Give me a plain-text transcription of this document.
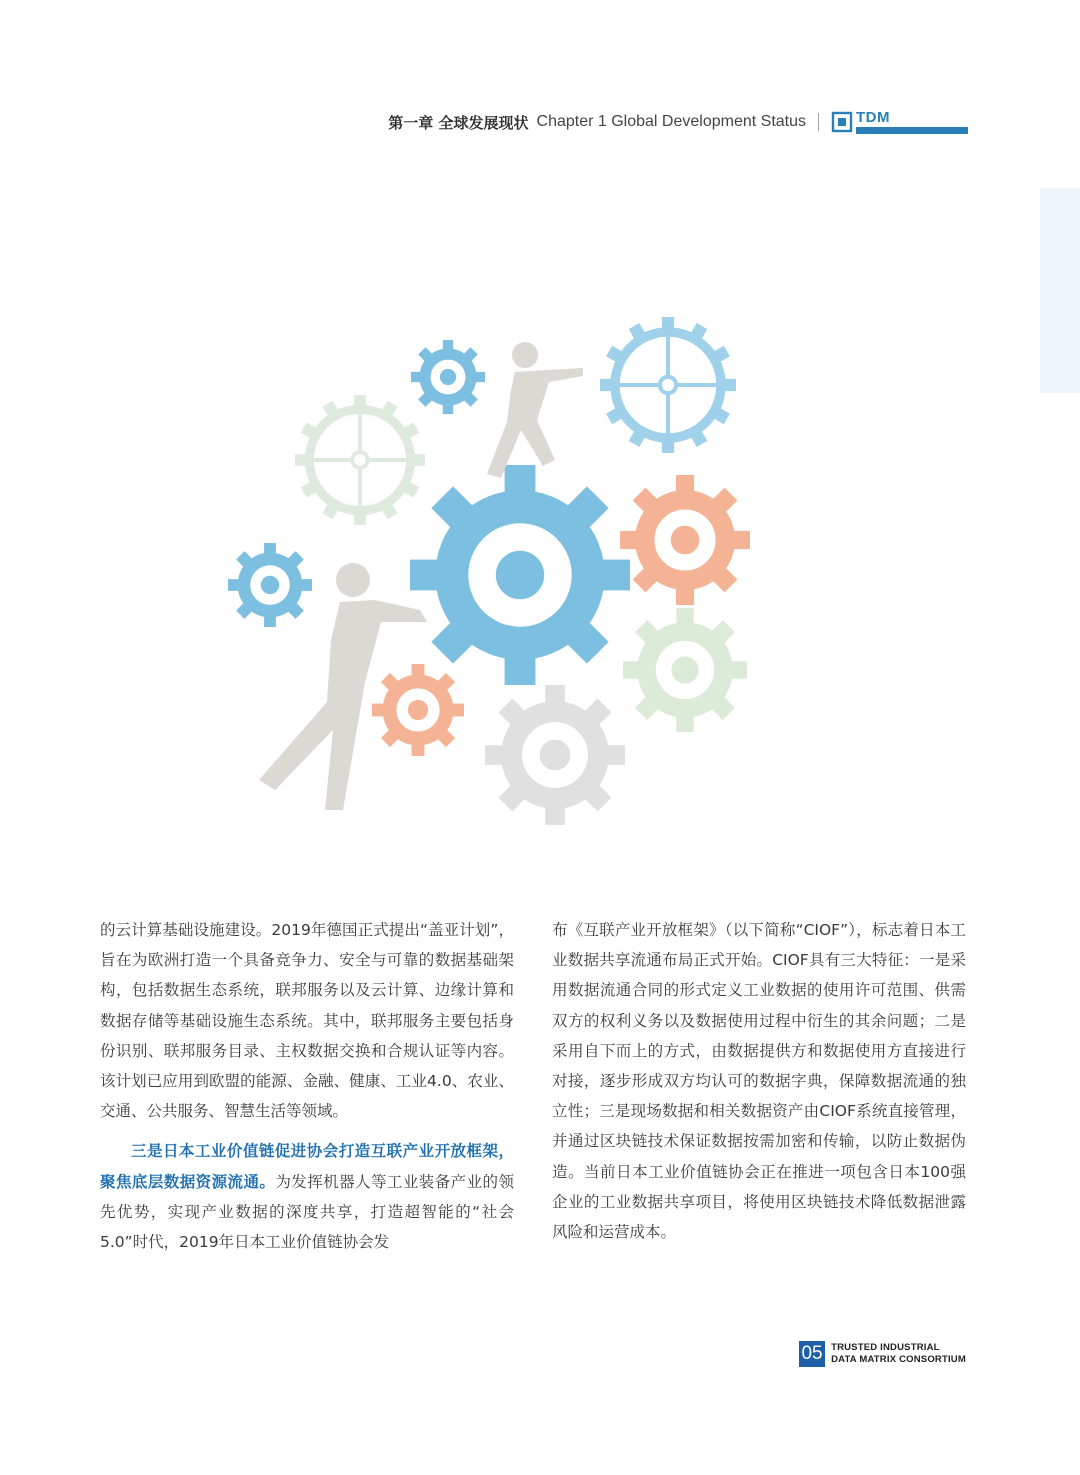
第一章 全球发展现状 Chapter 1 Global Development Status	TDM

的云计算基础设施建设。2019年德国正式提出“盖亚计划”，旨在为欧洲打造一个具备竞争力、安全与可靠的数据基础架构，包括数据生态系统，联邦服务以及云计算、边缘计算和数据存储等基础设施生态系统。其中，联邦服务主要包括身份识别、联邦服务目录、主权数据交换和合规认证等内容。该计划已应用到欧盟的能源、金融、健康、工业4.0、农业、交通、公共服务、智慧生活等领域。

三是日本工业价值链促进协会打造互联产业开放框架，聚焦底层数据资源流通。为发挥机器人等工业装备产业的领先优势，实现产业数据的深度共享，打造超智能的“社会5.0”时代，2019年日本工业价值链协会发

布《互联产业开放框架》（以下简称“CIOF”），标志着日本工业数据共享流通布局正式开始。CIOF具有三大特征：一是采用数据流通合同的形式定义工业数据的使用许可范围、供需双方的权利义务以及数据使用过程中衍生的其余问题；二是采用自下而上的方式，由数据提供方和数据使用方直接进行对接，逐步形成双方均认可的数据字典，保障数据流通的独立性；三是现场数据和相关数据资产由CIOF系统直接管理，并通过区块链技术保证数据按需加密和传输，以防止数据伪造。当前日本工业价值链协会正在推进一项包含日本100强企业的工业数据共享项目，将使用区块链技术降低数据泄露风险和运营成本。

05 TRUSTED INDUSTRIAL
DATA MATRIX CONSORTIUM
